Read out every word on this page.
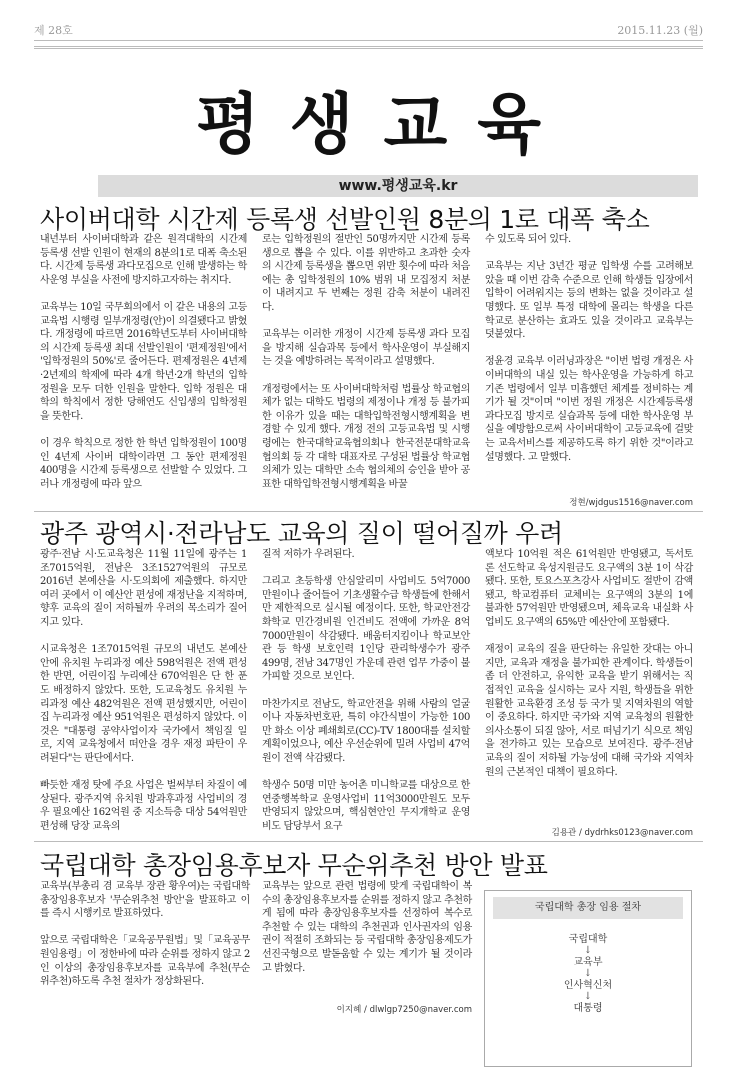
제 28호	2015.11.23 (월)
평생교육
www.평생교육.kr
사이버대학 시간제 등록생 선발인원 8분의 1로 대폭 축소

내년부터 사이버대학과 같은 원격대학의 시간제 등록생 선발 인원이 현재의 8분의1로 대폭 축소된다. 시간제 등록생 과다모집으로 인해 발생하는 학사운영 부실을 사전에 방지하고자하는 취지다.

교육부는 10일 국무회의에서 이 같은 내용의 고등교육법 시행령 일부개정령(안)이 의결됐다고 밝혔다. 개정령에 따르면 2016학년도부터 사이버대학의 시간제 등록생 최대 선발인원이 '편제정원'에서 '입학정원의 50%'로 줄어든다. 편제정원은 4년제·2년제의 학제에 따라 4개 학년·2개 학년의 입학정원을 모두 더한 인원을 말한다. 입학 정원은 대학의 학칙에서 정한 당해연도 신입생의 입학정원을 뜻한다.

이 경우 학칙으로 정한 한 학년 입학정원이 100명인 4년제 사이버 대학이라면 그 동안 편제정원 400명을 시간제 등록생으로 선발할 수 있었다. 그러나 개정령에 따라 앞으

로는 입학정원의 절반인 50명까지만 시간제 등록생으로 뽑을 수 있다. 이를 위반하고 초과한 숫자의 시간제 등록생을 뽑으면 위반 횟수에 따라 처음에는 총 입학정원의 10% 범위 내 모집정지 처분이 내려지고 두 번째는 정원 감축 처분이 내려진다.

교육부는 이러한 개정이 시간제 등록생 과다 모집을 방지해 실습과목 등에서 학사운영이 부실해지는 것을 예방하려는 목적이라고 설명했다.

개정령에서는 또 사이버대학처럼 법률상 학교협의체가 없는 대학도 법령의 제정이나 개정 등 불가피한 이유가 있을 때는 대학입학전형시행계획을 변경할 수 있게 했다. 개정 전의 고등교육법 및 시행령에는 한국대학교육협의회나 한국전문대학교육협의회 등 각 대학 대표자로 구성된 법률상 학교협의체가 있는 대학만 소속 협의체의 승인을 받아 공표한 대학입학전형시행계획을 바꿀

수 있도록 되어 있다.

교육부는 지난 3년간 평균 입학생 수를 고려해보았을 때 이번 감축 수준으로 인해 학생들 입장에서 입학이 어려워지는 등의 변화는 없을 것이라고 설명했다. 또 일부 특정 대학에 몰리는 학생을 다른 학교로 분산하는 효과도 있을 것이라고 교육부는 덧붙였다.

정윤경 교육부 이러닝과장은 "이번 법령 개정은 사이버대학의 내실 있는 학사운영을 가능하게 하고 기존 법령에서 일부 미흡했던 체계를 정비하는 계기가 될 것"이며 "이번 정원 개정은 시간제등록생 과다모집 방지로 실습과목 등에 대한 학사운영 부실을 예방함으로써 사이버대학이 고등교육에 걸맞는 교육서비스를 제공하도록 하기 위한 것"이라고 설명했다. 고 말했다.

정현/wjdgus1516@naver.com
광주 광역시·전라남도 교육의 질이 떨어질까 우려

광주·전남 시·도교육청은 11월 11일에 광주는 1조7015억원, 전남은 3조1527억원의 규모로 2016년 본예산을 시·도의회에 제출했다. 하지만 여러 곳에서 이 예산안 편성에 재정난을 지적하며, 향후 교육의 질이 저하될까 우려의 목소리가 질어지고 있다.

시교육청은 1조7015억원 규모의 내년도 본예산안에 유치원 누리과정 예산 598억원은 전액 편성한 반면, 어린이집 누리예산 670억원은 단 한 푼도 배정하지 않았다. 또한, 도교육청도 유치원 누리과정 예산 482억원은 전액 편성했지만, 어린이집 누리과정 예산 951억원은 편성하지 않았다. 이것은 "대통령 공약사업이자 국가에서 책임질 일로, 지역 교육청에서 떠안을 경우 재정 파탄이 우려된다"는 판단에서다.

빠듯한 재정 탓에 주요 사업은 벌써부터 차질이 예상된다. 광주지역 유치원 방과후과정 사업비의 경우 필요예산 162억원 중 지소득층 대상 54억원만 편성해 당장 교육의

질적 저하가 우려된다.

그리고 초등학생 안심알리미 사업비도 5억7000만원이나 줄어들어 기초생활수급 학생들에 한해서만 제한적으로 실시될 예정이다. 또한, 학교안전강화학교 민간경비원 인건비도 전액에 가까운 8억7000만원이 삭감됐다. 배움터지킴이나 학교보안관 등 학생 보호인력 1인당 관리학생수가 광주 499명, 전남 347명인 가운데 관련 업무 가중이 불가피할 것으로 보인다.

마찬가지로 전남도, 학교안전을 위해 사람의 얼굴이나 자동차번호판, 특히 야간식별이 가능한 100만 화소 이상 폐쇄회로(CC)-TV 1800대를 설치할 계획이었으나, 예산 우선순위에 밀려 사업비 47억원이 전액 삭감됐다.

학생수 50명 미만 농어촌 미니학교를 대상으로 한 연중행복학교 운영사업비 11억3000만원도 모두 반영되지 않았으며, 핵심현안인 무지개학교 운영비도 담당부서 요구

액보다 10억원 적은 61억원만 반영됐고, 독서토론 선도학교 육성지원금도 요구액의 3분 1이 삭감됐다. 또한, 토요스포츠강사 사업비도 절반이 감액됐고, 학교컴퓨터 교체비는 요구액의 3분의 1에 불과한 57억원만 반영됐으며, 체육교육 내실화 사업비도 요구액의 65%만 예산안에 포함됐다.

재정이 교육의 질을 판단하는 유일한 잣대는 아니지만, 교육과 재정을 불가피한 관계이다. 학생들이 좀 더 안전하고, 유익한 교육을 받기 위해서는 직접적인 교육을 실시하는 교사 지원, 학생들을 위한 원활한 교육환경 조성 등 국가 및 지역차원의 역할이 중요하다. 하지만 국가와 지역 교육청의 원활한 의사소통이 되질 않아, 서로 떠넘기기 식으로 책임을 전가하고 있는 모습으로 보여진다. 광주·전남 교육의 질이 저하될 가능성에 대해 국가와 지역차원의 근본적인 대책이 필요하다.

김용관 / dydrhks0123@naver.com
국립대학 총장임용후보자 무순위추천 방안 발표

교육부(부총리 겸 교육부 장관 황우여)는 국립대학 총장임용후보자 '무순위추천 방안'을 발표하고 이를 즉시 시행키로 발표하였다.

앞으로 국립대학은「교육공무원법」및「교육공무원임용령」이 정한바에 따라 순위를 정하지 않고 2인 이상의 총장임용후보자를 교육부에 추천(무순위추천)하도록 추천 절차가 정상화된다.

교육부는 앞으로 관련 법령에 맞게 국립대학이 복수의 총장임용후보자를 순위를 정하지 않고 추천하게 됨에 따라 총장임용후보자를 선정하여 복수로 추천할 수 있는 대학의 추천권과 인사권자의 임용권이 적절히 조화되는 등 국립대학 총장임용제도가 선진국형으로 발돋움할 수 있는 계기가 될 것이라고 밝혔다.

이지혜 / dlwlgp7250@naver.com
국립대학 총장 임용 절차
국립대학
↓
교육부
↓
인사혁신처
↓
대통령
